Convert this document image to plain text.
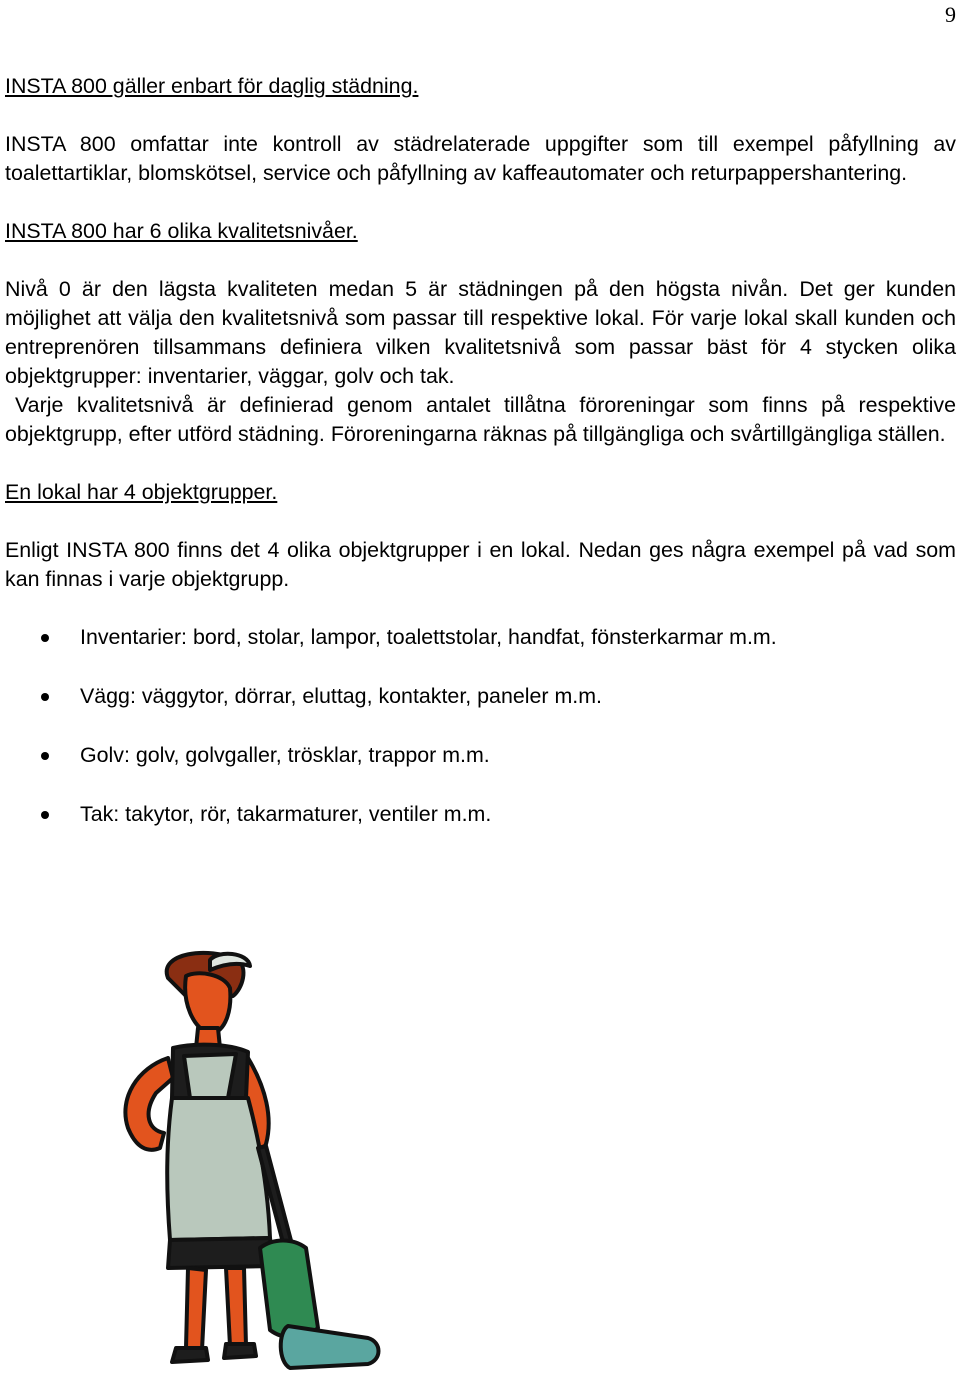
9

INSTA 800 gäller enbart för daglig städning.

INSTA 800 omfattar inte kontroll av städrelaterade uppgifter som till exempel påfyllning av toalettartiklar, blomskötsel, service och påfyllning av kaffeautomater och returpappershantering.

INSTA 800 har 6 olika kvalitetsnivåer.

Nivå 0 är den lägsta kvaliteten medan 5 är städningen på den högsta nivån. Det ger kunden möjlighet att välja den kvalitetsnivå som passar till respektive lokal. För varje lokal skall kunden och entreprenören tillsammans definiera vilken kvalitetsnivå som passar bäst för 4 stycken olika objektgrupper: inventarier, väggar, golv och tak.

Varje kvalitetsnivå är definierad genom antalet tillåtna föroreningar som finns på respektive objektgrupp, efter utförd städning. Föroreningarna räknas på tillgängliga och svårtillgängliga ställen.

En lokal har 4 objektgrupper.

Enligt INSTA 800 finns det 4 olika objektgrupper i en lokal. Nedan ges några exempel på vad som kan finnas i varje objektgrupp.

Inventarier: bord, stolar, lampor, toalettstolar, handfat, fönsterkarmar m.m.
Vägg: väggytor, dörrar, eluttag, kontakter, paneler m.m.
Golv: golv, golvgaller, trösklar, trappor m.m.
Tak: takytor, rör, takarmaturer, ventiler m.m.
